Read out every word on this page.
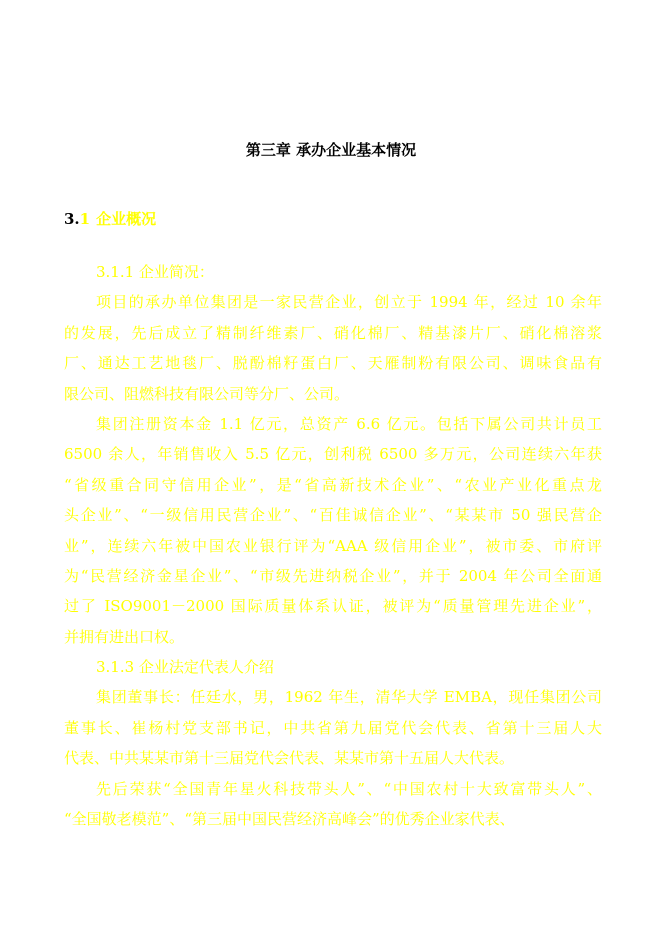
第三章 承办企业基本情况
3.1 企业概况
3.1.1 企业简况：
项目的承办单位集团是一家民营企业，创立于 1994 年，经过 10 余年
的发展，先后成立了精制纤维素厂、硝化棉厂、精基漆片厂、硝化棉溶浆
厂、通达工艺地毯厂、脱酚棉籽蛋白厂、天雁制粉有限公司、调味食品有
限公司、阻燃科技有限公司等分厂、公司。
集团注册资本金 1.1 亿元，总资产 6.6 亿元。包括下属公司共计员工
6500 余人，年销售收入 5.5 亿元，创利税 6500 多万元，公司连续六年获
“省级重合同守信用企业”，是“省高新技术企业”、“农业产业化重点龙
头企业”、“一级信用民营企业”、“百佳诚信企业”、“某某市 50 强民营企
业”，连续六年被中国农业银行评为“AAA 级信用企业”，被市委、市府评
为“民营经济金星企业”、“市级先进纳税企业”，并于 2004 年公司全面通
过了 ISO9001－2000 国际质量体系认证，被评为“质量管理先进企业”，
并拥有进出口权。
3.1.3 企业法定代表人介绍
集团董事长：任廷水，男，1962 年生，清华大学 EMBA，现任集团公司
董事长、崔杨村党支部书记，中共省第九届党代会代表、省第十三届人大
代表、中共某某市第十三届党代会代表、某某市第十五届人大代表。
先后荣获“全国青年星火科技带头人”、“中国农村十大致富带头人”、
“全国敬老模范”、“第三届中国民营经济高峰会”的优秀企业家代表、
